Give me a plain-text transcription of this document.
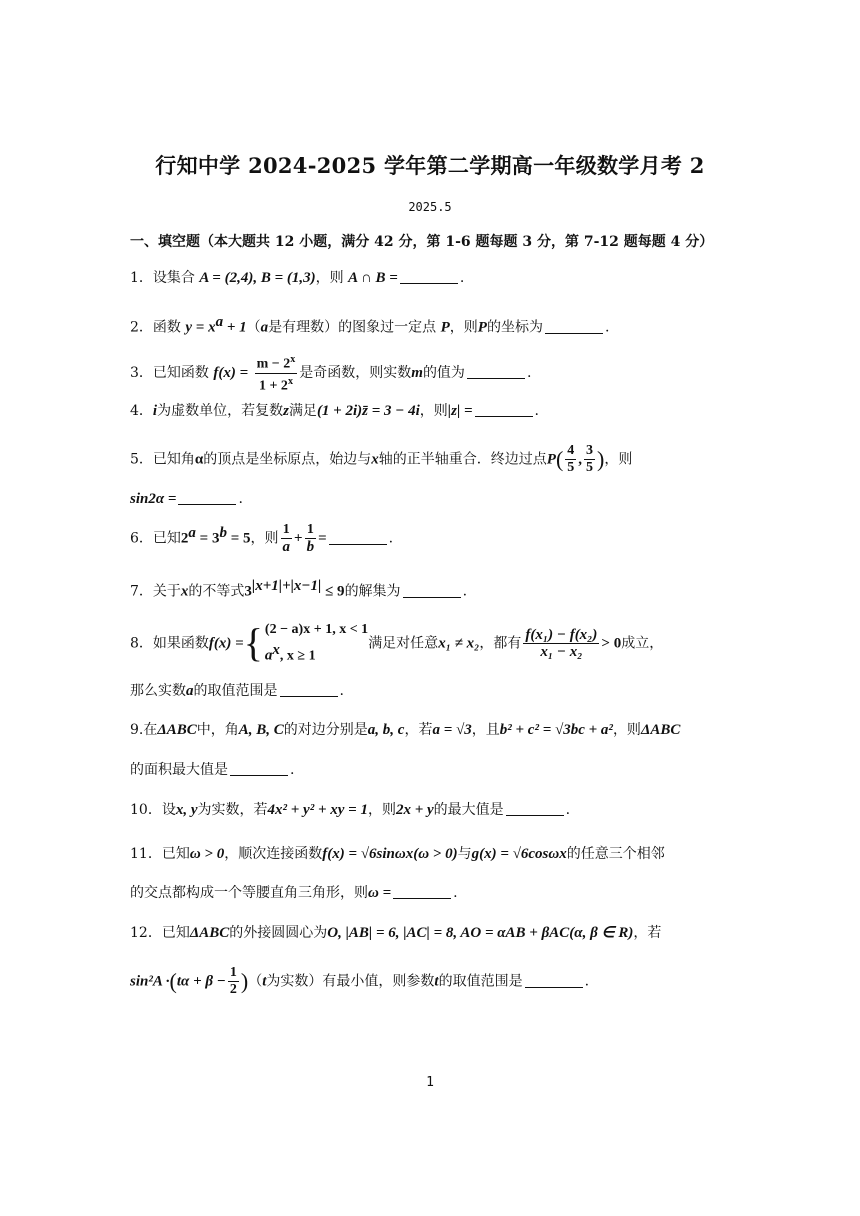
行知中学 2024-2025 学年第二学期高一年级数学月考 2
2025.5
一、填空题（本大题共 12 小题，满分 42 分，第 1-6 题每题 3 分，第 7-12 题每题 4 分）
1．设集合 A = (2,4), B = (1,3)，则 A ∩ B =	.
2．函数 $y = x^a + 1(a$是有理数）的图象过一定点 P，则P的坐标为	.
3．已知函数 $f(x) = \frac{m - 2^x}{1 + 2^x}$ 是奇函数，则实数m的值为	.
4．i为虚数单位，若复数z满足(1 + 2i)z̄ = 3 − 4i，则|z| =	.
5．已知角α的顶点是坐标原点，始边与x轴的正半轴重合．终边过点$P( \frac{4}{5}$ , $\frac{3}{5}$ )，则
sin2α =	.
6．已知$2^a = 3^b = 5$，则 $\frac{1}{a} + \frac{1}{b}$ =	.
7．关于x的不等式$3^{|x+1|+|x-1|} \le 9$的解集为	.
8．如果函数f(x) = { (2 − a)x + 1, x < 1
$a^x$, x ≥ 1
满足对任意x₁ ≠ x₂，都有 $\frac{\text{f(x₁) − f(x₂)}}{\text{x₁ − x₂}} > 0$成立，
那么实数a的取值范围是	.
9.在ΔABC中，角A, B, C的对边分别是a, b, c，若a = √3，且b² + c² = √3bc + a²，则ΔABC
的面积最大值是	.
10．设x, y为实数，若4x² + y² + xy = 1，则2x + y的最大值是	.
11．已知ω > 0，顺次连接函数f(x) = √6sinωx(ω > 0)与g(x) = √6cosωx的任意三个相邻
的交点都构成一个等腰直角三角形，则ω =	.
12．已知ΔABC的外接圆圆心为O, |AB| = 6, |AC| = 8, AO = αAB + βAC(α, β ∈ R)，若
$\sin^2A \cdot(t\alpha + \beta - \frac{1}{2} )(t$为实数）有最小值，则参数t的取值范围是	.
1
